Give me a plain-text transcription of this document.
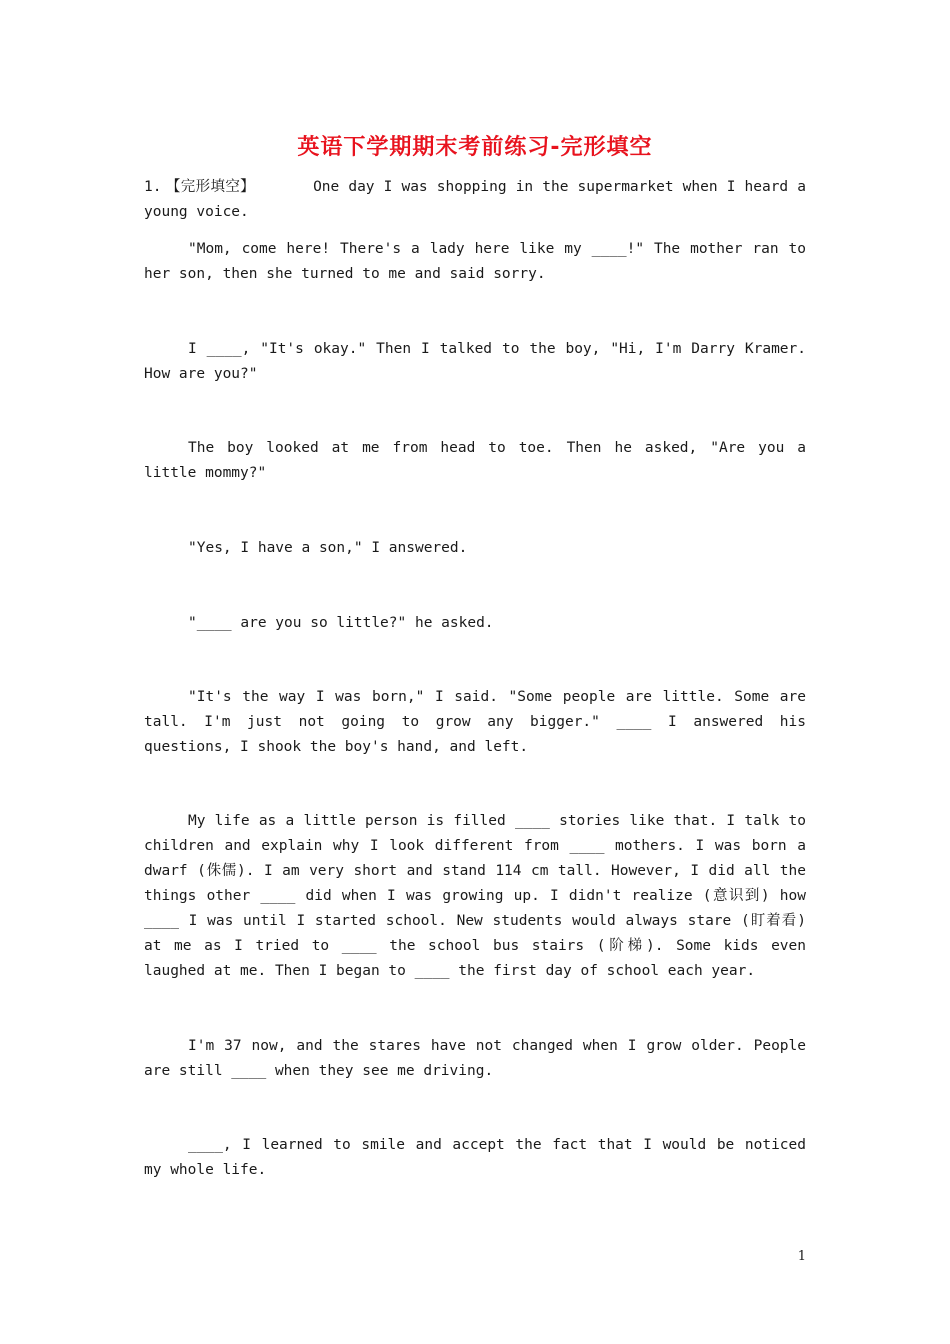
英语下学期期末考前练习-完形填空

1. 【完形填空】	One day I was shopping in the supermarket when I heard a young voice.

"Mom, come here! There's a lady here like my ____!" The mother ran to her son, then she turned to me and said sorry.

I ____, "It's okay." Then I talked to the boy, "Hi, I'm Darry Kramer. How are you?"

The boy looked at me from head to toe. Then he asked, "Are you a little mommy?"

"Yes, I have a son," I answered.

"____ are you so little?" he asked.

"It's the way I was born," I said. "Some people are little. Some are tall. I'm just not going to grow any bigger." ____ I answered his questions, I shook the boy's hand, and left.

My life as a little person is filled ____ stories like that. I talk to children and explain why I look different from ____ mothers. I was born a dwarf (侏儒). I am very short and stand 114 cm tall. However, I did all the things other ____ did when I was growing up. I didn't realize (意识到) how ____ I was until I started school. New students would always stare (盯着看) at me as I tried to ____ the school bus stairs (阶梯). Some kids even laughed at me. Then I began to ____ the first day of school each year.

I'm 37 now, and the stares have not changed when I grow older. People are still ____ when they see me driving.

____, I learned to smile and accept the fact that I would be noticed my whole life.

1
